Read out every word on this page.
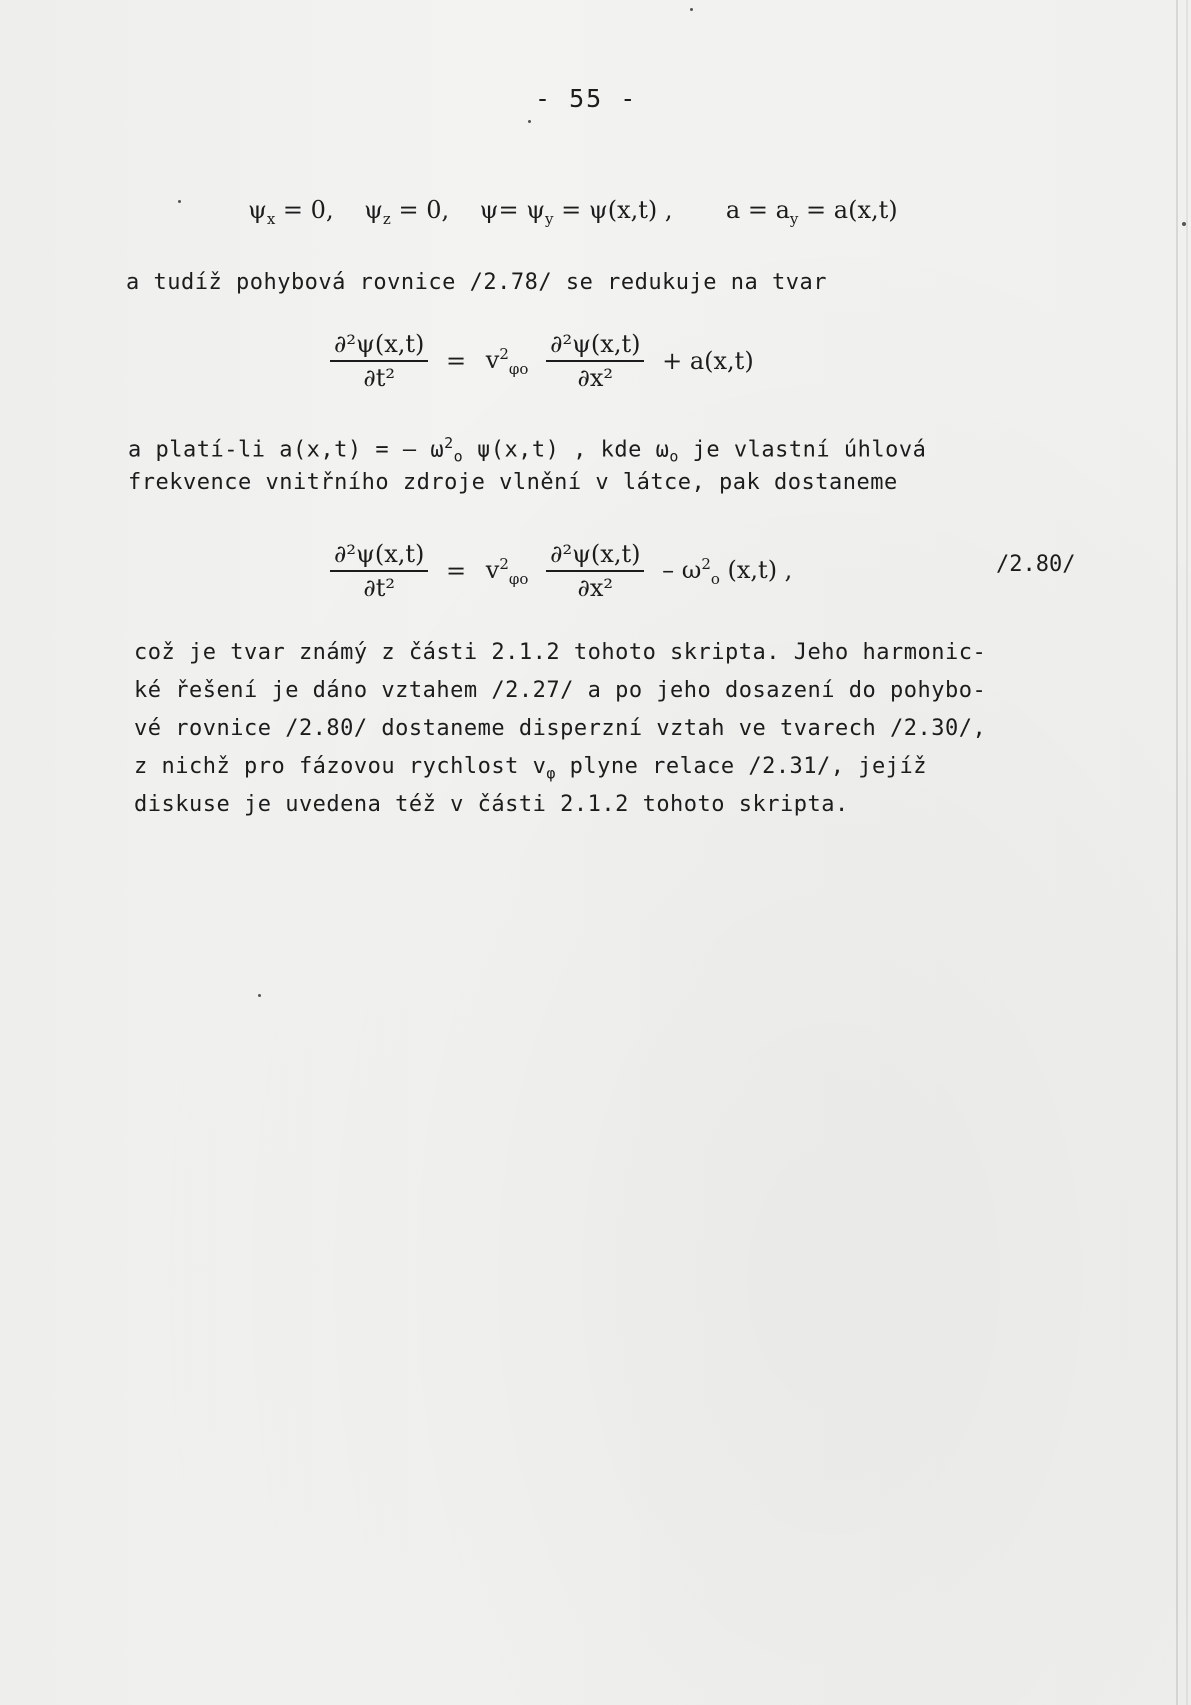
- 55 -
$\psi_x = 0$, $\psi_z = 0$, $\psi= \psi_y = \psi(x,t)$ , $a = a_y = a(x,t)$
a tudíž pohybová rovnice /2.78/ se redukuje na tvar
$\frac{\text{∂²ψ(x,t)}}{\text{∂t²}} = v^2_{\varphi o} \frac{\text{∂²ψ(x,t)}}{\text{∂x²}} + a(x,t)$
a platí-li a(x,t) = – $\omega^2_o$ ψ(x,t) , kde $\omega_o$ je vlastní úhlová
frekvence vnitřního zdroje vlnění v látce, pak dostaneme
$\frac{\text{∂²ψ(x,t)}}{\text{∂t²}} = v^2_{\varphi o} \frac{\text{∂²ψ(x,t)}}{\text{∂x²}} - \omega^2_o$ (x,t) ,	/2.80/
což je tvar známý z části 2.1.2 tohoto skripta. Jeho harmonic-
ké řešení je dáno vztahem /2.27/ a po jeho dosazení do pohybo-
vé rovnice /2.80/ dostaneme disperzní vztah ve tvarech /2.30/,
z nichž pro fázovou rychlost $v_\varphi$ plyne relace /2.31/, jejíž
diskuse je uvedena též v části 2.1.2 tohoto skripta.
